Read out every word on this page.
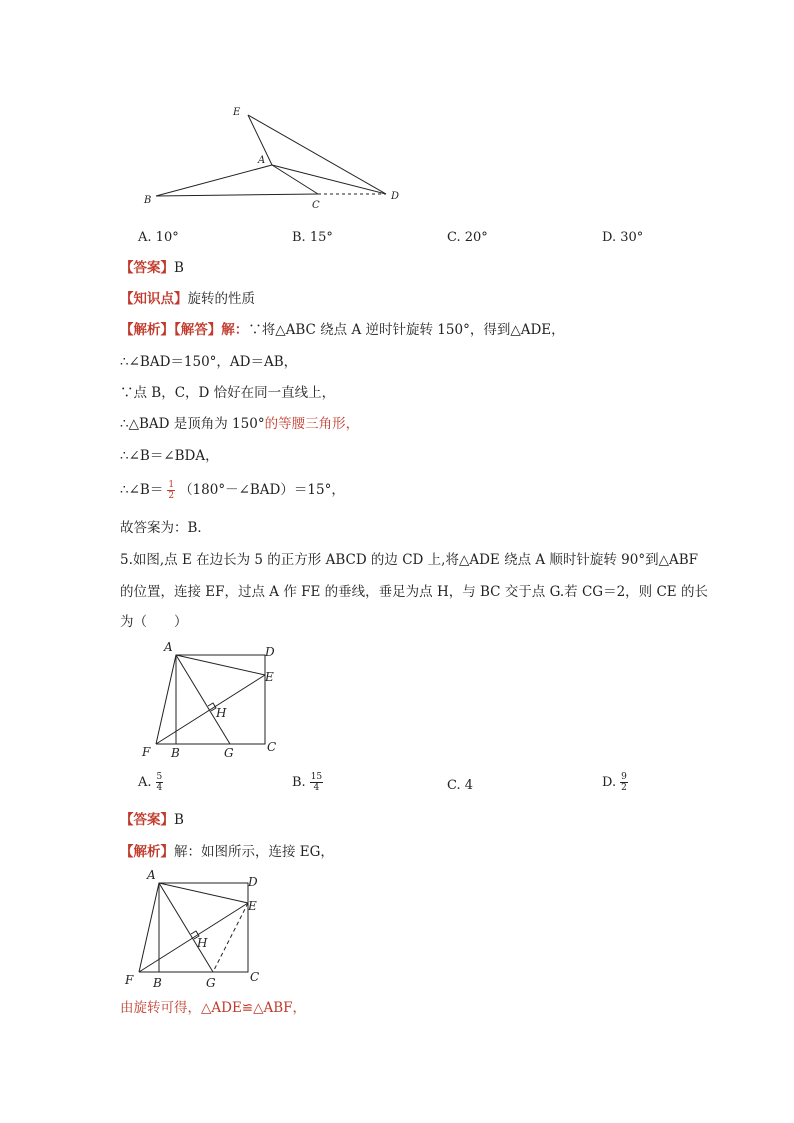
E
A
B	C
D
A. 10°	B. 15°	C. 20°	D. 30°
【答案】B
【知识点】旋转的性质
【解析】【解答】解：∵将△ABC 绕点 A 逆时针旋转 150°，得到△ADE，
∴∠BAD＝150°，AD＝AB，
∵点 B，C，D 恰好在同一直线上，
∴△BAD 是顶角为 150°的等腰三角形，
∴∠B＝∠BDA，
∴∠B＝ $\frac{1}{2}$ （180°－∠BAD）＝15°，
故答案为：B．
5.如图,点 E 在边长为 5 的正方形 ABCD 的边 CD 上,将△ADE 绕点 A 顺时针旋转 90°到△ABF
的位置，连接 EF，过点 A 作 FE 的垂线，垂足为点 H，与 BC 交于点 G.若 CG＝2，则 CE 的长
为（　　）
A	D
E
H
F B	G	C
A. $\frac{5}{4}$	B. $\frac{15}{4}$	C. 4	D. $\frac{9}{2}$
【答案】B
【解析】解：如图所示，连接 EG，
A	D
E
H
F B	G	C
由旋转可得，△ADE≌△ABF，
